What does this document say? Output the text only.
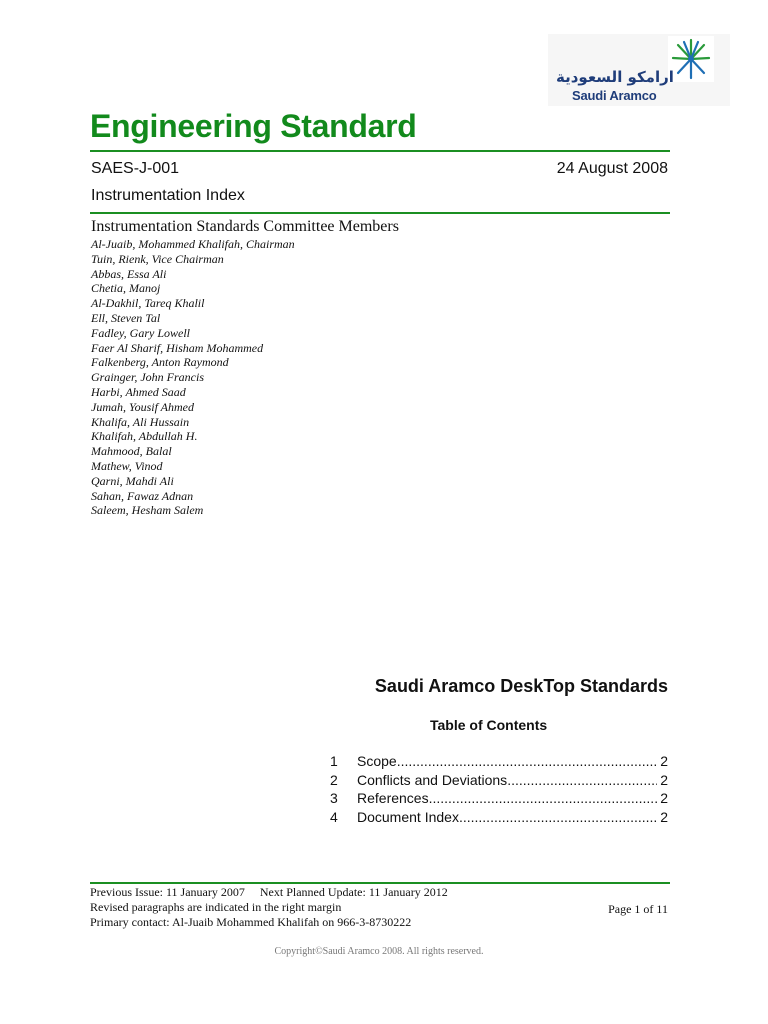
ارامكو السعودية
Saudi Aramco
Engineering Standard
SAES-J-001	24 August 2008
Instrumentation Index
Instrumentation Standards Committee Members
Al-Juaib, Mohammed Khalifah, Chairman
Tuin, Rienk, Vice Chairman
Abbas, Essa Ali
Chetia, Manoj
Al-Dakhil, Tareq Khalil
Ell, Steven Tal
Fadley, Gary Lowell
Faer Al Sharif, Hisham Mohammed
Falkenberg, Anton Raymond
Grainger, John Francis
Harbi, Ahmed Saad
Jumah, Yousif Ahmed
Khalifa, Ali Hussain
Khalifah, Abdullah H.
Mahmood, Balal
Mathew, Vinod
Qarni, Mahdi Ali
Sahan, Fawaz Adnan
Saleem, Hesham Salem
Saudi Aramco DeskTop Standards
Table of Contents
1	Scope .....	2
2	Conflicts and Deviations .....	2
3	References .....	2
4	Document Index .....	2
Previous Issue: 11 January 2007     Next Planned Update: 11 January 2012
Revised paragraphs are indicated in the right margin
Primary contact: Al-Juaib Mohammed Khalifah on 966-3-8730222
Page 1 of 11
Copyright©Saudi Aramco 2008. All rights reserved.
